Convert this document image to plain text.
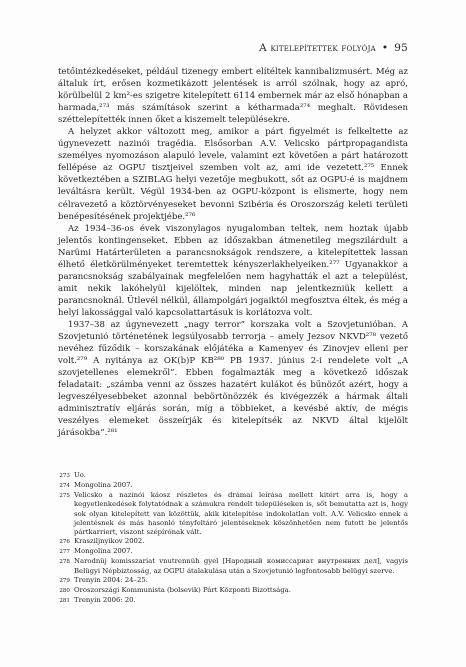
A kitelepítettek folyója • 95

tetőintézkedéseket, például tizenegy embert elítéltek kannibalizmusért. Még az általuk írt, erősen kozmetikázott jelentések is arról szólnak, hogy az apró, körülbelül 2 km²-es szigetre kitelepített 6114 embernek már az első hónapban a harmada,²⁷³ más számítások szerint a kétharmada²⁷⁴ meghalt. Rövidesen széttelepítették innen őket a kiszemelt településekre.

A helyzet akkor változott meg, amikor a párt figyelmét is felkeltette az úgynevezett nazinói tragédia. Elsősorban A.V. Velicsko pártpropagandista személyes nyomozáson alapuló levele, valamint ezt követően a párt határozott fellépése az OGPU tisztjeivel szemben volt az, ami ide vezetett.²⁷⁵ Ennek következtében a SZIBLAG helyi vezetője megbukott, sőt az OGPU-é is majdnem leváltásra került. Végül 1934-ben az OGPU-központ is elismerte, hogy nem célravezető a köztörvényeseket bevonni Szibéria és Oroszország keleti területi benépesítésének projektjébe.²⁷⁶

Az 1934–36-os évek viszonylagos nyugalomban teltek, nem hoztak újabb jelentős kontingenseket. Ebben az időszakban átmenetileg megszilárdult a Narümi Határterületen a parancsnokságok rendszere, a kitelepítettek lassan élhető életkörülményeket teremtettek kényszerlakhelyeiken.²⁷⁷ Ugyanakkor a parancsnokság szabályainak megfelelően nem hagyhatták el azt a települést, amit nekik lakóhelyül kijelöltek, minden nap jelentkezniük kellett a parancsnoknál. Ütlevél nélkül, állampolgári jogaiktól megfosztva éltek, és még a helyi lakossággal való kapcsolattartásuk is korlátozva volt.

1937–38 az úgynevezett „nagy terror” korszaka volt a Szovjetunióban. A Szovjetunió történetének legsúlyosabb terrorja – amely Jezsov NKVD²⁷⁸ vezető nevéhez fűződik – korszakának előjátéka a Kamenyev és Zinovjev elleni per volt.²⁷⁹ A nyitánya az OK(b)P KB²⁸⁰ PB 1937. június 2-i rendelete volt „A szovjetellenes elemekről”. Ebben fogalmazták meg a következő időszak feladatait: „számba venni az összes hazatért kulákot és bűnözőt azért, hogy a legveszélyesebbeket azonnal bebörtönözzék és kivégezzék a hármak általi adminisztratív eljárás során, míg a többieket, a kevésbé aktív, de mégis veszélyes elemeket összeírják és kitelepítsék az NKVD által kijelölt járásokba”.²⁸¹

273 Uo.
274 Mongolina 2007.
275 Velicsko a nazinói káosz részletes és drámai leírása mellett kitért arra is, hogy a kegyetlenkedések folytatódnak a számukra rendelt településeken is, sőt bemutatta azt is, hogy sok olyan kitelepített van közöttük, akik kitelepítése indokolatlan volt. A.V. Velicsko ennek a jelentésnek és más hasonló tényfeltáró jelentéseknek köszönhetően nem futott be jelentős pártkarriert, viszont szépírónak vált.
276 Krasziljnyikov 2002.
277 Mongolina 2007.
278 Narodnüj komisszariat vnutrennüh gyel [Народный комиссариат внутренних дел], vagyis Belügyi Népbiztosság, az OGPU átalakulása után a Szovjetunió legfontosabb belügyi szerve.
279 Trenyin 2004: 24–25.
280 Oroszországi Kommunista (bolsevik) Párt Központi Bizottsága.
281 Trenyin 2006: 20.
